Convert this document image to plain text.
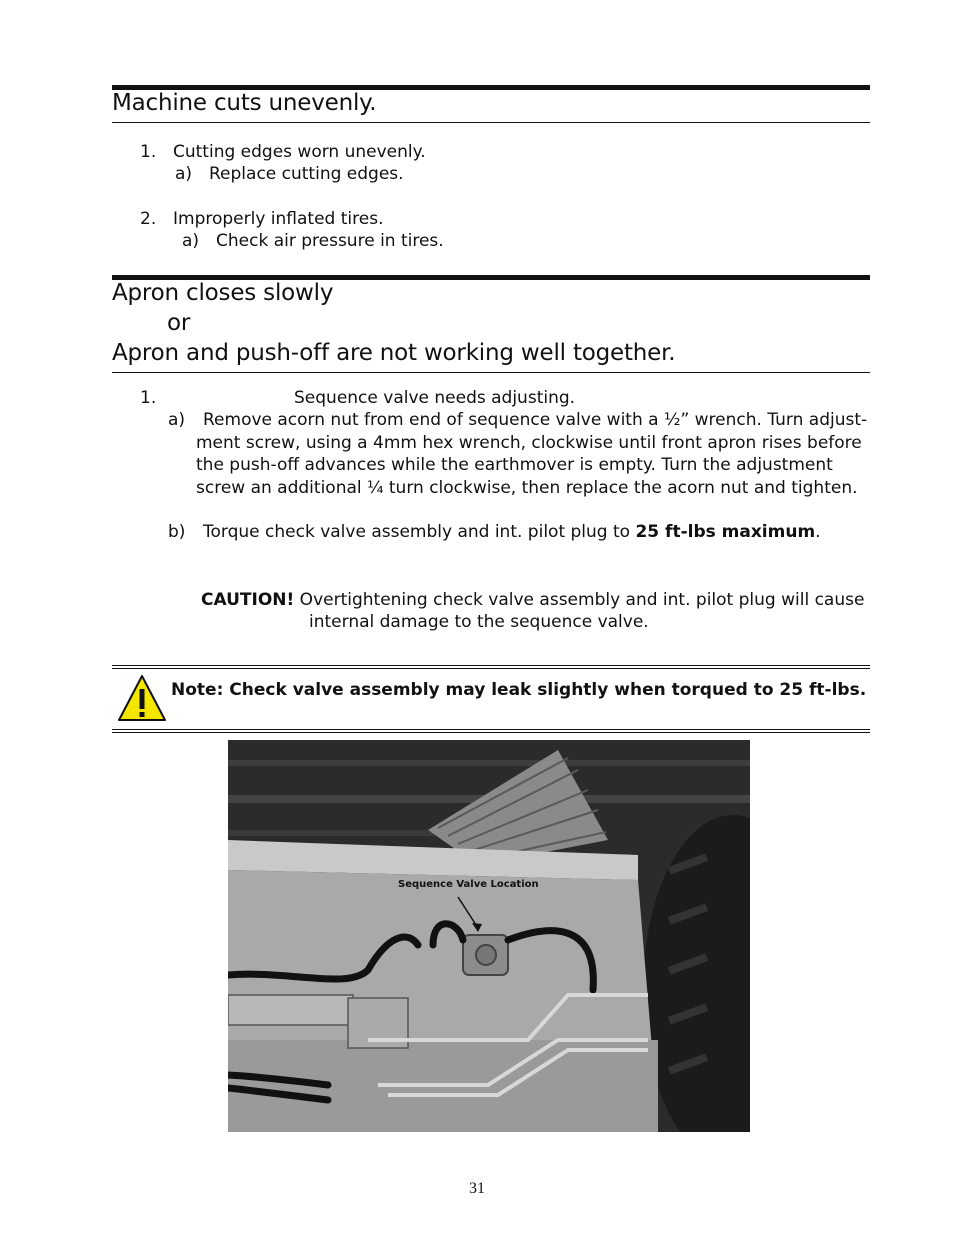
Machine cuts unevenly.
1. Cutting edges worn unevenly.
a) Replace cutting edges.
2. Improperly inflated tires.
a) Check air pressure in tires.
Apron closes slowly
or
Apron and push-off are not working well together.
1.	Sequence valve needs adjusting.
a) Remove acorn nut from end of sequence valve with a ½” wrench. Turn adjust-
ment screw, using a 4mm hex wrench, clockwise until front apron rises before
the push-off advances while the earthmover is empty. Turn the adjustment
screw an additional ¼ turn clockwise, then replace the acorn nut and tighten.
b) Torque check valve assembly and int. pilot plug to 25 ft-lbs maximum.
CAUTION! Overtightening check valve assembly and int. pilot plug will cause
internal damage to the sequence valve.
Note: Check valve assembly may leak slightly when torqued to 25 ft-lbs.
Sequence Valve Location
31
